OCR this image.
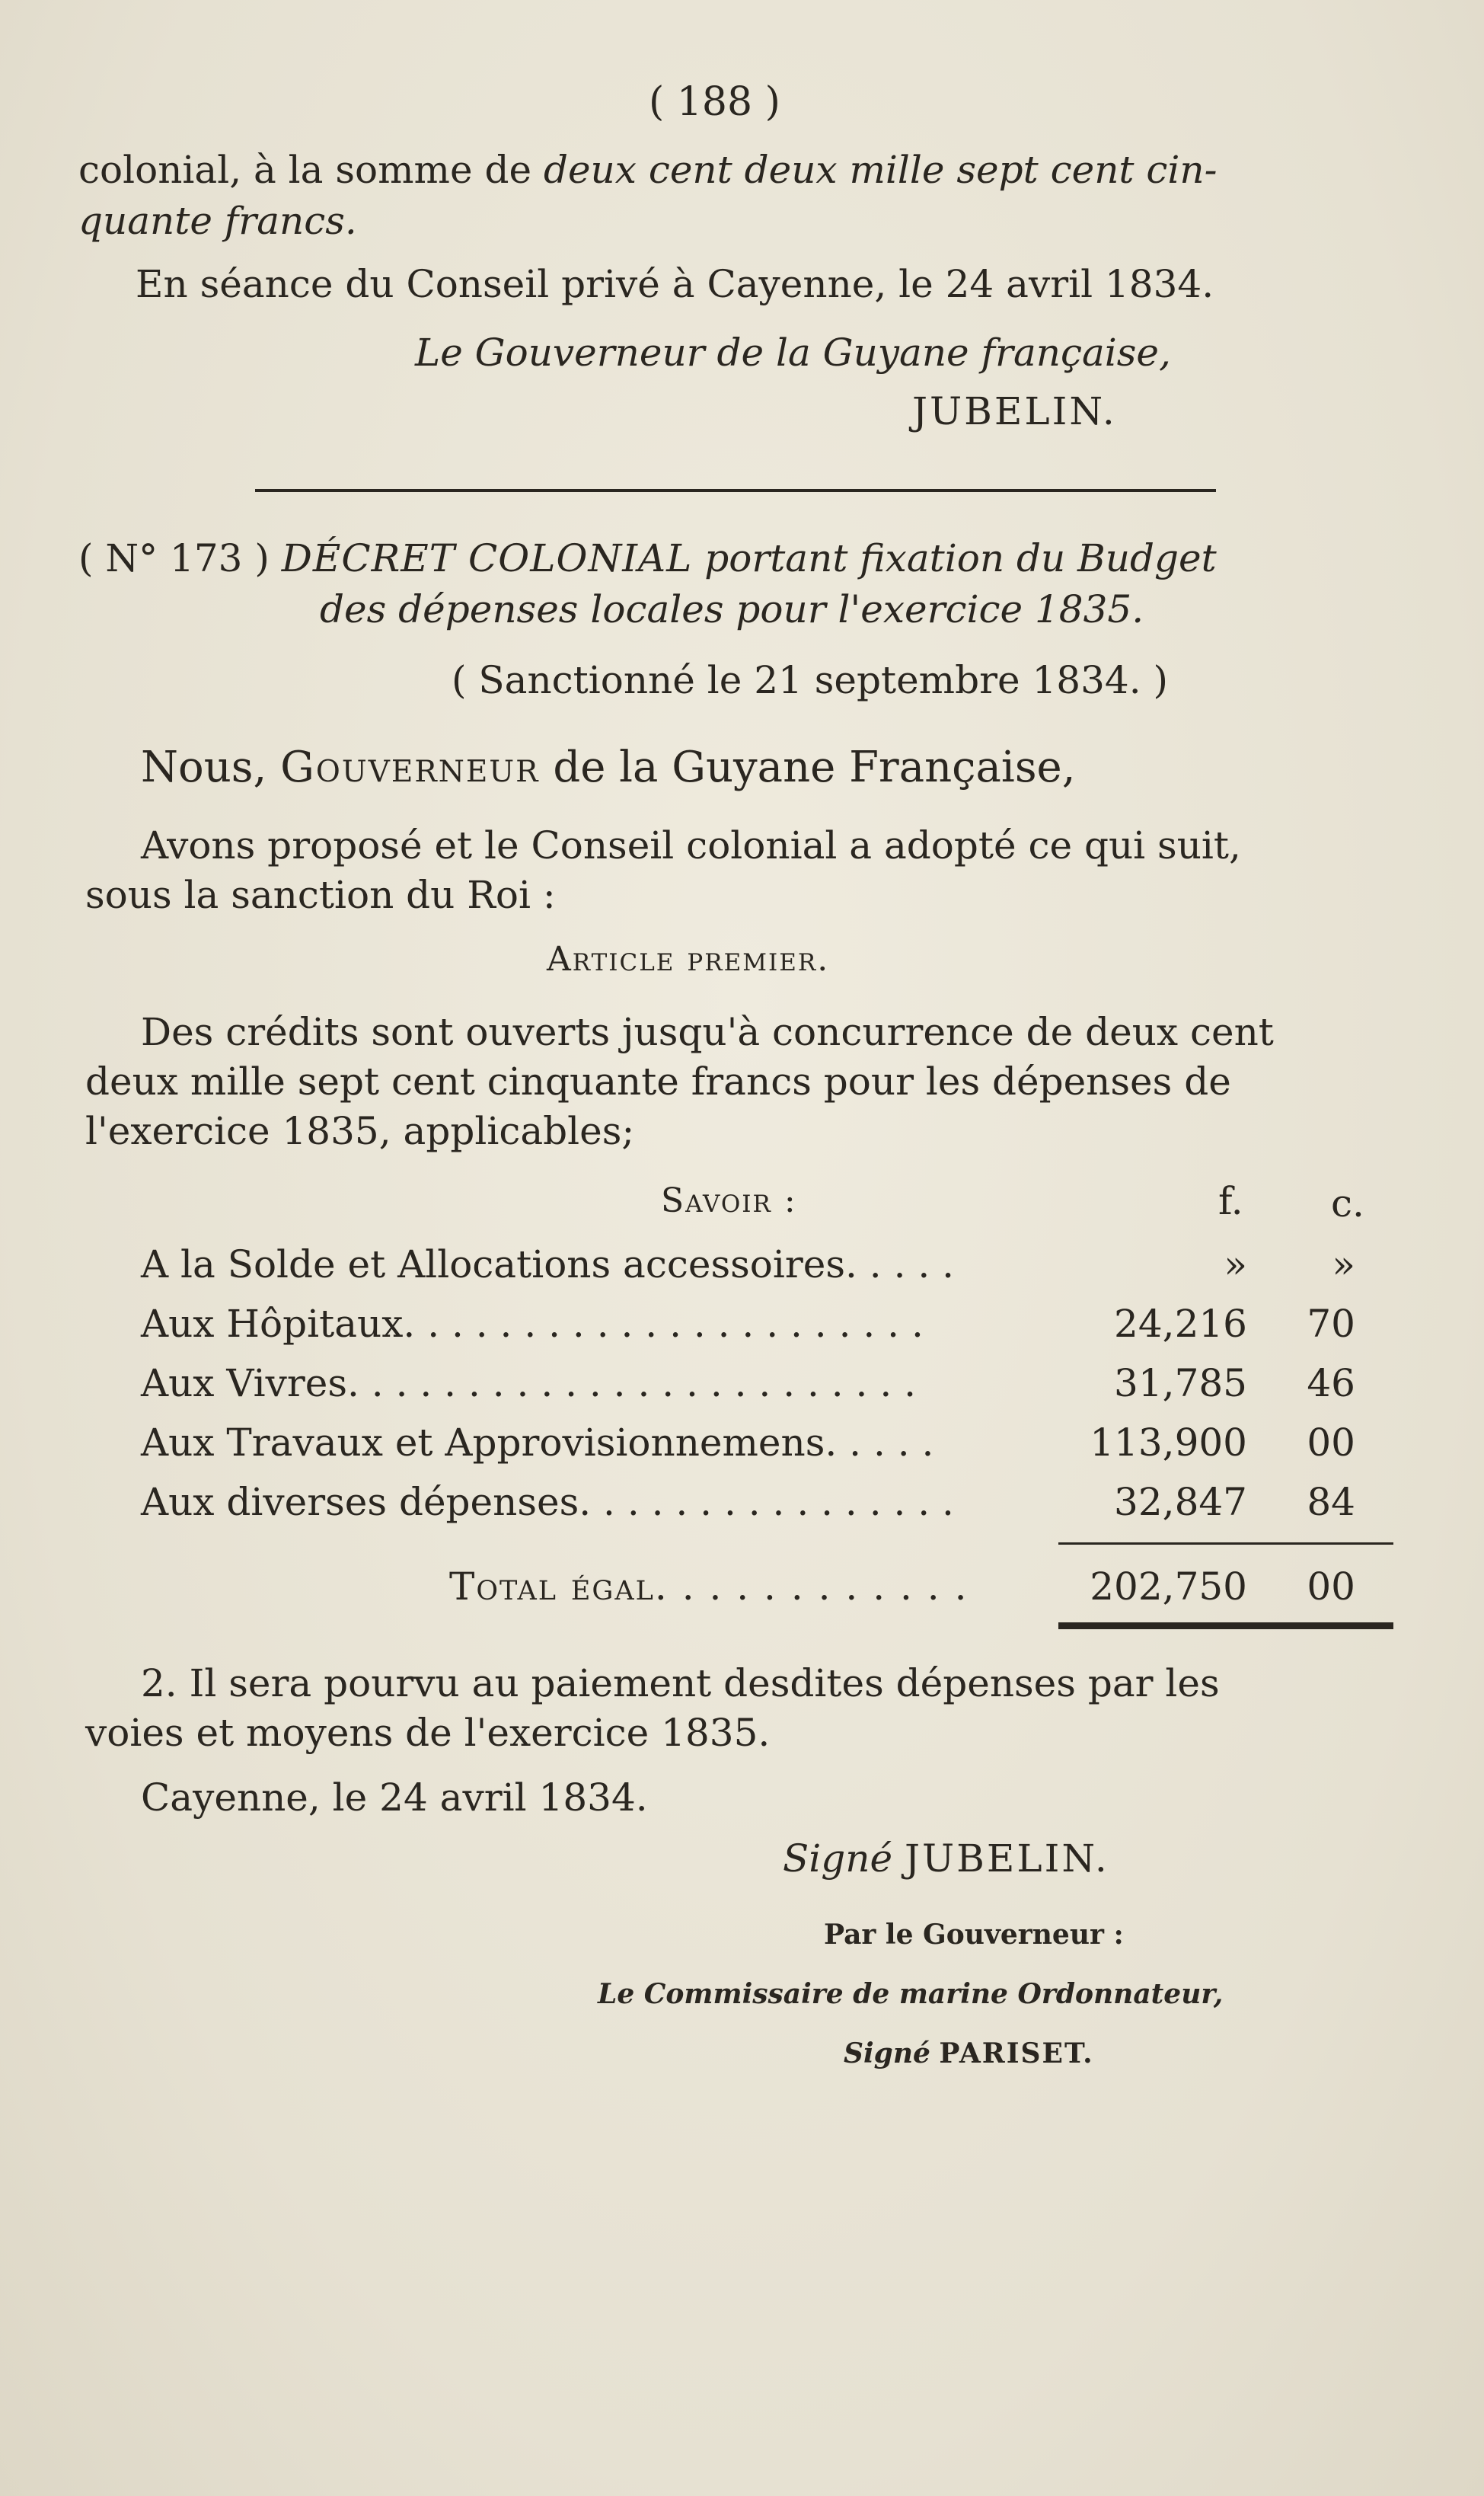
( 188 )
colonial, à la somme de deux cent deux mille sept cent cin-
quante francs.
En séance du Conseil privé à Cayenne, le 24 avril 1834.
Le Gouverneur de la Guyane française,
JUBELIN.
( N° 173 ) DÉCRET COLONIAL portant fixation du Budget
des dépenses locales pour l'exercice 1835.
( Sanctionné le 21 septembre 1834. )
Nous, Gouverneur de la Guyane Française,
Avons proposé et le Conseil colonial a adopté ce qui suit,
sous la sanction du Roi :
Article premier.
Des crédits sont ouverts jusqu'à concurrence de deux cent
deux mille sept cent cinquante francs pour les dépenses de
l'exercice 1835, applicables;
Savoir :	f. c.
A la Solde et Allocations accessoires. . . . .	»	»
Aux Hôpitaux. . . . . . . . . . . . . . . . . . . . . .	24,216	70
Aux Vivres. . . . . . . . . . . . . . . . . . . . . . . .	31,785	46
Aux Travaux et Approvisionnemens. . . . .	113,900	00
Aux diverses dépenses. . . . . . . . . . . . . . . .	32,847	84
Total égal. . . . . . . . . . . .	202,750	00
2. Il sera pourvu au paiement desdites dépenses par les
voies et moyens de l'exercice 1835.
Cayenne, le 24 avril 1834.
Signé JUBELIN.
Par le Gouverneur :
Le Commissaire de marine Ordonnateur,
Signé PARISET.
